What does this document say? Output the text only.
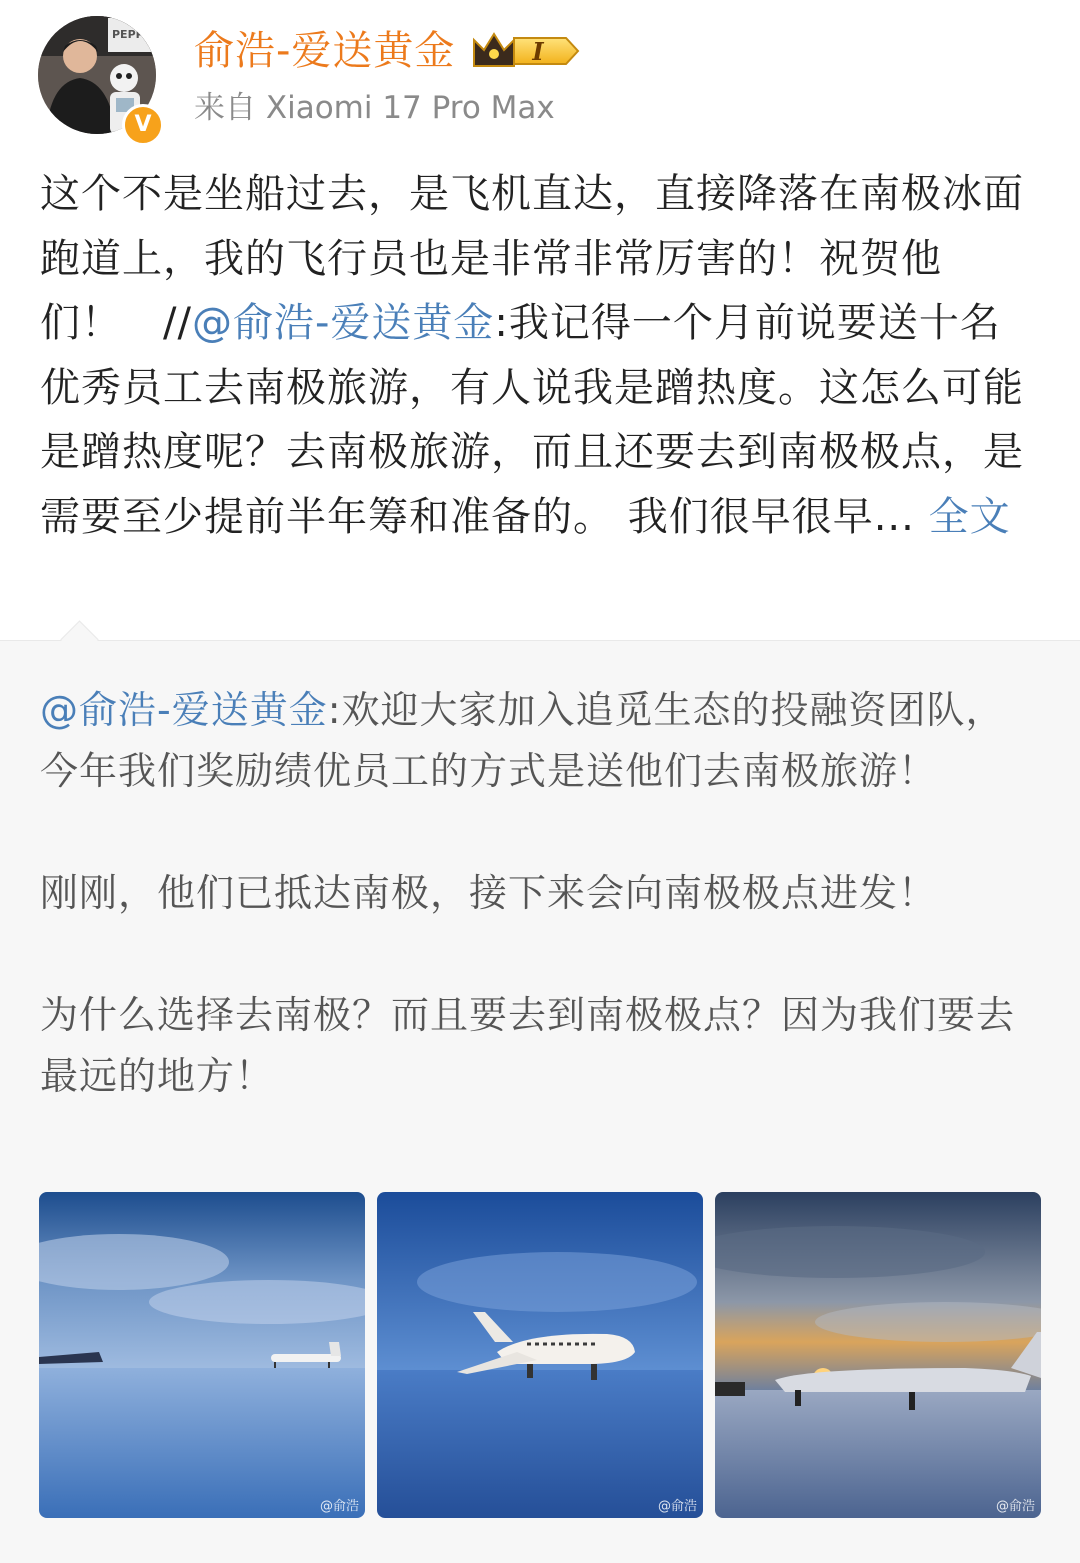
PEPP
V
俞浩-爱送黄金	I
来自 Xiaomi 17 Pro Max
这个不是坐船过去，是飞机直达，直接降落在南极冰面跑道上，我的飞行员也是非常非常厉害的！祝贺他们！　//@俞浩-爱送黄金:我记得一个月前说要送十名优秀员工去南极旅游，有人说我是蹭热度。这怎么可能是蹭热度呢？去南极旅游，而且还要去到南极极点，是需要至少提前半年筹和准备的。 我们很早很早... 全文

@俞浩-爱送黄金:欢迎大家加入追觅生态的投融资团队，今年我们奖励绩优员工的方式是送他们去南极旅游！

刚刚，他们已抵达南极，接下来会向南极极点进发！

为什么选择去南极？而且要去到南极极点？因为我们要去最远的地方！

@俞浩	@俞浩	@俞浩
